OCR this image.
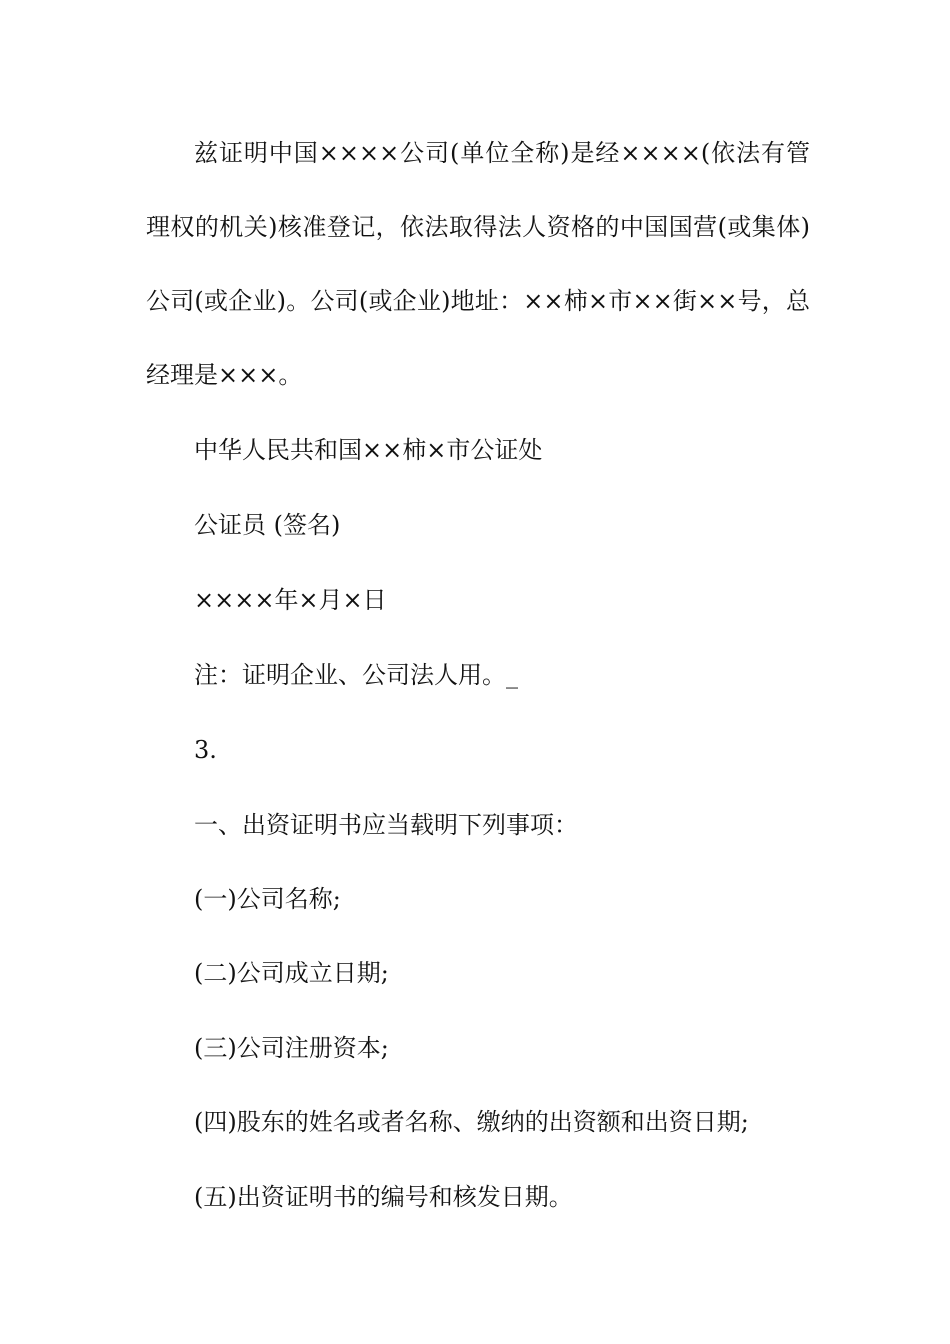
兹证明中国××××公司(单位全称)是经××××(依法有管理权的机关)核准登记，依法取得法人资格的中国国营(或集体)公司(或企业)。公司(或企业)地址：××柿×市××街××号，总经理是×××。
中华人民共和国××柿×市公证处
公证员 (签名)
××××年×月×日
注：证明企业、公司法人用。_
3.
一、出资证明书应当载明下列事项：
(一)公司名称;
(二)公司成立日期;
(三)公司注册资本;
(四)股东的姓名或者名称、缴纳的出资额和出资日期;
(五)出资证明书的编号和核发日期。
